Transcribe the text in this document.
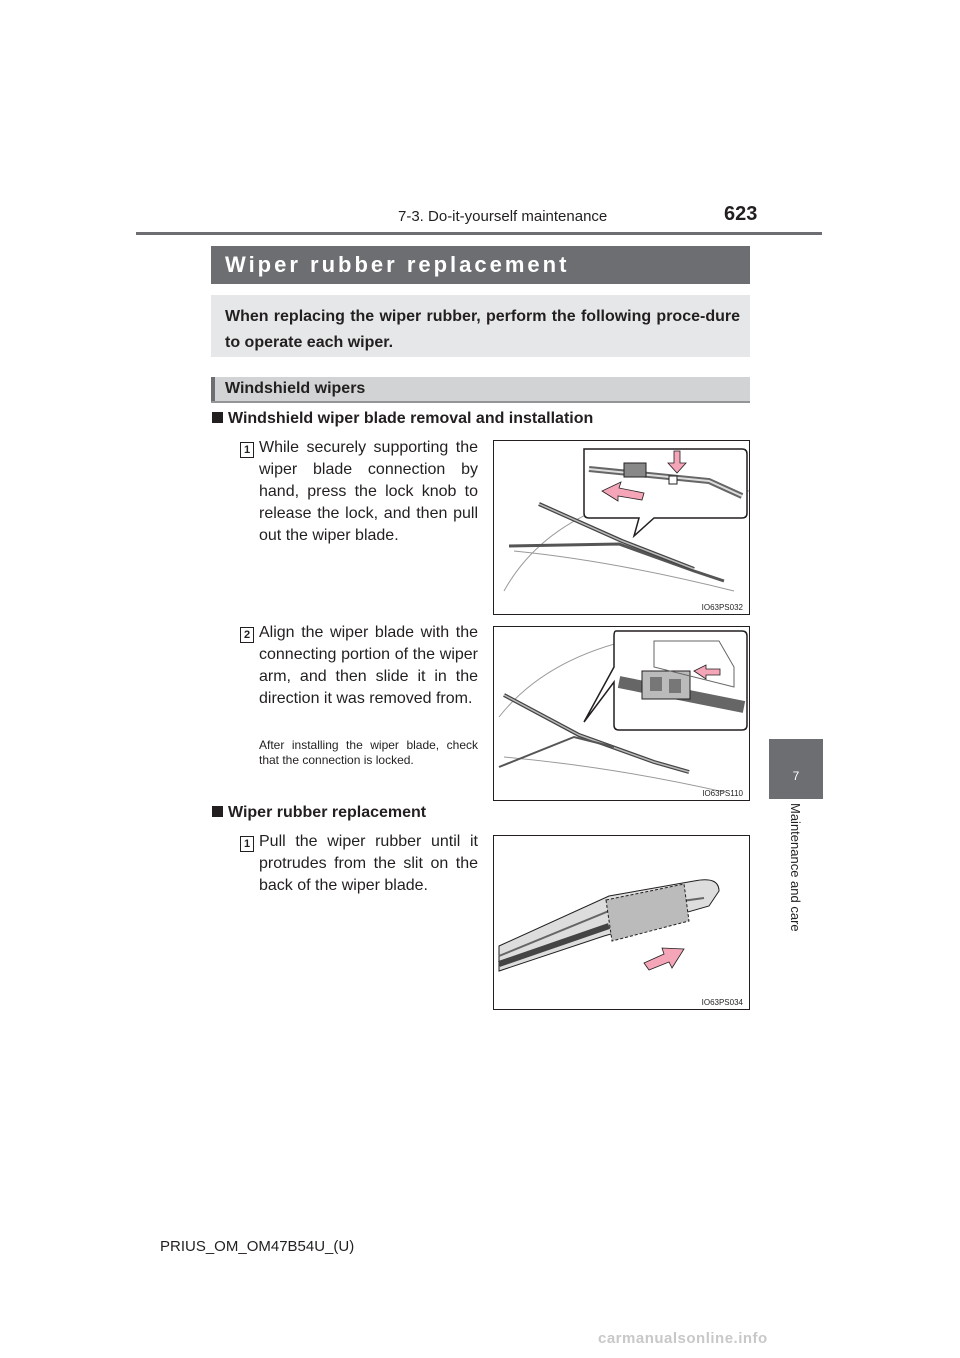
7-3. Do-it-yourself maintenance	623
7
Maintenance and care
Wiper rubber replacement

When replacing the wiper rubber, perform the following proce-dure to operate each wiper.

Windshield wipers
Windshield wiper blade removal and installation
1 While securely supporting the wiper blade connection by hand, press the lock knob to release the lock, and then pull out the wiper blade.
IO63PS032
2 Align the wiper blade with the connecting portion of the wiper arm, and then slide it in the direction it was removed from.
After installing the wiper blade, check that the connection is locked.
IO63PS110
Wiper rubber replacement
1 Pull the wiper rubber until it protrudes from the slit on the back of the wiper blade.
IO63PS034
PRIUS_OM_OM47B54U_(U)
carmanualsonline.info
